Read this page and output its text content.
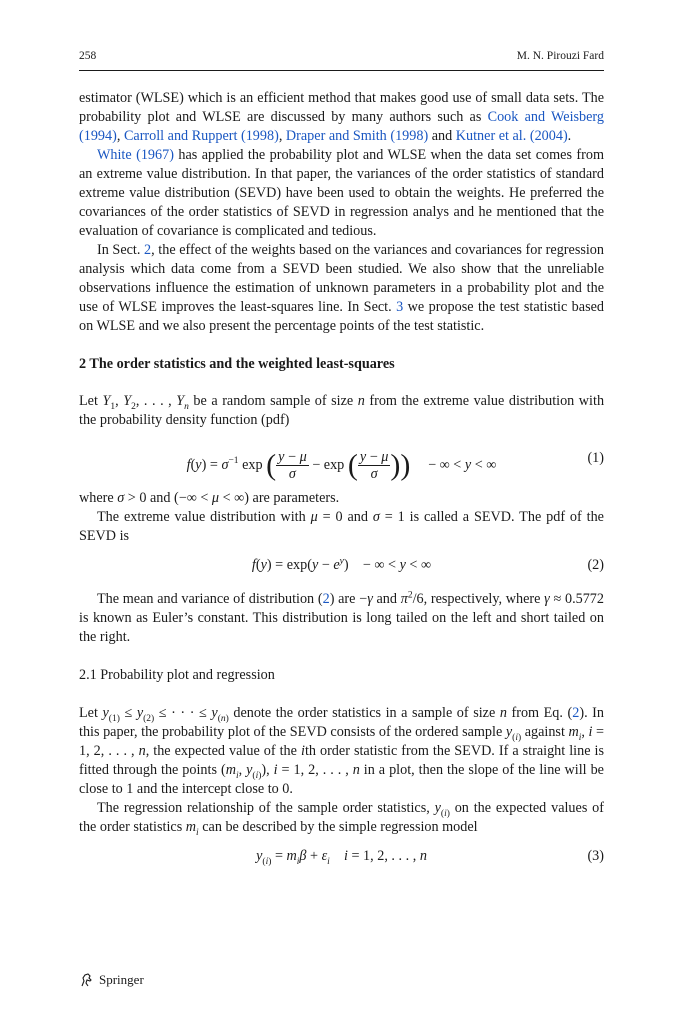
258	M. N. Pirouzi Fard

estimator (WLSE) which is an efficient method that makes good use of small data sets. The probability plot and WLSE are discussed by many authors such as Cook and Weisberg (1994), Carroll and Ruppert (1998), Draper and Smith (1998) and Kutner et al. (2004).

White (1967) has applied the probability plot and WLSE when the data set comes from an extreme value distribution. In that paper, the variances of the order statistics of standard extreme value distribution (SEVD) have been used to obtain the weights. He preferred the covariances of the order statistics of SEVD in regression analys and he mentioned that the evaluation of covariance is complicated and tedious.

In Sect. 2, the effect of the weights based on the variances and covariances for regression analysis which data come from a SEVD been studied. We also show that the unreliable observations influence the estimation of unknown parameters in a probability plot and the use of WLSE improves the least-squares line. In Sect. 3 we propose the test statistic based on WLSE and we also present the percentage points of the test statistic.

2 The order statistics and the weighted least-squares

Let $Y_1$, $Y_2$, . . . , $Y_n$ be a random sample of size n from the extreme value distribution with the probability density function (pdf)

$f(y) = \sigma^{-1}$ exp ( $\frac{y - \mu}{\sigma} - \exp$ ( $\frac{y - \mu}{\sigma}$ ))     − ∞ < y < ∞	(1)

where σ > 0 and (−∞ < μ < ∞) are parameters.

The extreme value distribution with μ = 0 and σ = 1 is called a SEVD. The pdf of the SEVD is

$f(y) = \exp(y - e^y)$    − ∞ < y < ∞	(2)

The mean and variance of distribution (2) are −γ and $\pi^2/6$, respectively, where γ ≈ 0.5772 is known as Euler’s constant. This distribution is long tailed on the left and short tailed on the right.

2.1 Probability plot and regression

Let $y_{(1)} \le y_{(2)}$ ≤ · · · ≤ $y_{(n)}$ denote the order statistics in a sample of size n from Eq. (2). In this paper, the probability plot of the SEVD consists of the ordered sample $y_{(i)}$ against $m_i$, i = 1, 2, . . . , n, the expected value of the ith order statistic from the SEVD. If a straight line is fitted through the points ($m_i$, $y_{(i)}$), i = 1, 2, . . . , n in a plot, then the slope of the line will be close to 1 and the intercept close to 0.

The regression relationship of the sample order statistics, $y_{(i)}$ on the expected values of the order statistics $m_i$ can be described by the simple regression model

$y_{(i)} = m_i\beta + \varepsilon_i$ i = 1, 2, . . . , n	(3)
Springer
